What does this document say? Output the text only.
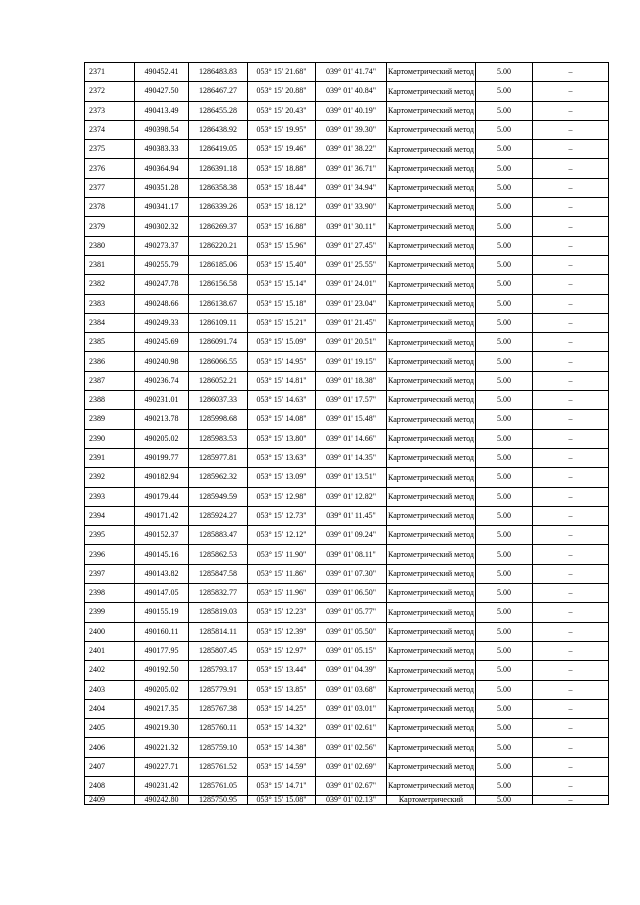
2371	490452.41	1286483.83	053° 15' 21.68"	039° 01' 41.74"	Картометрический метод	5.00	–
2372	490427.50	1286467.27	053° 15' 20.88"	039° 01' 40.84"	Картометрический метод	5.00	–
2373	490413.49	1286455.28	053° 15' 20.43"	039° 01' 40.19"	Картометрический метод	5.00	–
2374	490398.54	1286438.92	053° 15' 19.95"	039° 01' 39.30"	Картометрический метод	5.00	–
2375	490383.33	1286419.05	053° 15' 19.46"	039° 01' 38.22"	Картометрический метод	5.00	–
2376	490364.94	1286391.18	053° 15' 18.88"	039° 01' 36.71"	Картометрический метод	5.00	–
2377	490351.28	1286358.38	053° 15' 18.44"	039° 01' 34.94"	Картометрический метод	5.00	–
2378	490341.17	1286339.26	053° 15' 18.12"	039° 01' 33.90"	Картометрический метод	5.00	–
2379	490302.32	1286269.37	053° 15' 16.88"	039° 01' 30.11"	Картометрический метод	5.00	–
2380	490273.37	1286220.21	053° 15' 15.96"	039° 01' 27.45"	Картометрический метод	5.00	–
2381	490255.79	1286185.06	053° 15' 15.40"	039° 01' 25.55"	Картометрический метод	5.00	–
2382	490247.78	1286156.58	053° 15' 15.14"	039° 01' 24.01"	Картометрический метод	5.00	–
2383	490248.66	1286138.67	053° 15' 15.18"	039° 01' 23.04"	Картометрический метод	5.00	–
2384	490249.33	1286109.11	053° 15' 15.21"	039° 01' 21.45"	Картометрический метод	5.00	–
2385	490245.69	1286091.74	053° 15' 15.09"	039° 01' 20.51"	Картометрический метод	5.00	–
2386	490240.98	1286066.55	053° 15' 14.95"	039° 01' 19.15"	Картометрический метод	5.00	–
2387	490236.74	1286052.21	053° 15' 14.81"	039° 01' 18.38"	Картометрический метод	5.00	–
2388	490231.01	1286037.33	053° 15' 14.63"	039° 01' 17.57"	Картометрический метод	5.00	–
2389	490213.78	1285998.68	053° 15' 14.08"	039° 01' 15.48"	Картометрический метод	5.00	–
2390	490205.02	1285983.53	053° 15' 13.80"	039° 01' 14.66"	Картометрический метод	5.00	–
2391	490199.77	1285977.81	053° 15' 13.63"	039° 01' 14.35"	Картометрический метод	5.00	–
2392	490182.94	1285962.32	053° 15' 13.09"	039° 01' 13.51"	Картометрический метод	5.00	–
2393	490179.44	1285949.59	053° 15' 12.98"	039° 01' 12.82"	Картометрический метод	5.00	–
2394	490171.42	1285924.27	053° 15' 12.73"	039° 01' 11.45"	Картометрический метод	5.00	–
2395	490152.37	1285883.47	053° 15' 12.12"	039° 01' 09.24"	Картометрический метод	5.00	–
2396	490145.16	1285862.53	053° 15' 11.90"	039° 01' 08.11"	Картометрический метод	5.00	–
2397	490143.82	1285847.58	053° 15' 11.86"	039° 01' 07.30"	Картометрический метод	5.00	–
2398	490147.05	1285832.77	053° 15' 11.96"	039° 01' 06.50"	Картометрический метод	5.00	–
2399	490155.19	1285819.03	053° 15' 12.23"	039° 01' 05.77"	Картометрический метод	5.00	–
2400	490160.11	1285814.11	053° 15' 12.39"	039° 01' 05.50"	Картометрический метод	5.00	–
2401	490177.95	1285807.45	053° 15' 12.97"	039° 01' 05.15"	Картометрический метод	5.00	–
2402	490192.50	1285793.17	053° 15' 13.44"	039° 01' 04.39"	Картометрический метод	5.00	–
2403	490205.02	1285779.91	053° 15' 13.85"	039° 01' 03.68"	Картометрический метод	5.00	–
2404	490217.35	1285767.38	053° 15' 14.25"	039° 01' 03.01"	Картометрический метод	5.00	–
2405	490219.30	1285760.11	053° 15' 14.32"	039° 01' 02.61"	Картометрический метод	5.00	–
2406	490221.32	1285759.10	053° 15' 14.38"	039° 01' 02.56"	Картометрический метод	5.00	–
2407	490227.71	1285761.52	053° 15' 14.59"	039° 01' 02.69"	Картометрический метод	5.00	–
2408	490231.42	1285761.05	053° 15' 14.71"	039° 01' 02.67"	Картометрический метод	5.00	–
2409	490242.80	1285750.95	053° 15' 15.08"	039° 01' 02.13"	Картометрический	5.00	–
